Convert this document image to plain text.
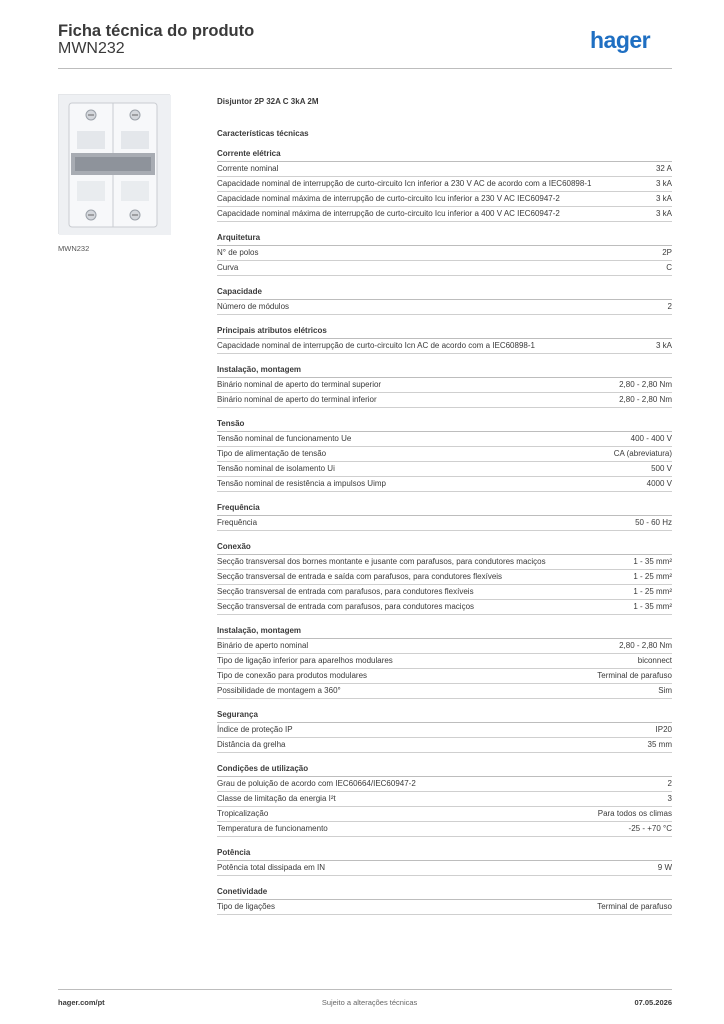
Ficha técnica do produto
MWN232	hager
MWN232
Disjuntor 2P 32A C 3kA 2M
Características técnicas
Corrente elétrica
Corrente nominal	32 A
Capacidade nominal de interrupção de curto-circuito Icn inferior a 230 V AC de acordo com a IEC60898-1	3 kA
Capacidade nominal máxima de interrupção de curto-circuito Icu inferior a 230 V AC IEC60947-2	3 kA
Capacidade nominal máxima de interrupção de curto-circuito Icu inferior a 400 V AC IEC60947-2	3 kA
Arquitetura
N° de polos	2P
Curva	C
Capacidade
Número de módulos	2
Principais atributos elétricos
Capacidade nominal de interrupção de curto-circuito Icn AC de acordo com a IEC60898-1	3 kA
Instalação, montagem
Binário nominal de aperto do terminal superior	2,80 - 2,80 Nm
Binário nominal de aperto do terminal inferior	2,80 - 2,80 Nm
Tensão
Tensão nominal de funcionamento Ue	400 - 400 V
Tipo de alimentação de tensão	CA (abreviatura)
Tensão nominal de isolamento Ui	500 V
Tensão nominal de resistência a impulsos Uimp	4000 V
Frequência
Frequência	50 - 60 Hz
Conexão
Secção transversal dos bornes montante e jusante com parafusos, para condutores maciços	1 - 35 mm²
Secção transversal de entrada e saída com parafusos, para condutores flexíveis	1 - 25 mm²
Secção transversal de entrada com parafusos, para condutores flexíveis	1 - 25 mm²
Secção transversal de entrada com parafusos, para condutores maciços	1 - 35 mm²
Instalação, montagem
Binário de aperto nominal	2,80 - 2,80 Nm
Tipo de ligação inferior para aparelhos modulares	biconnect
Tipo de conexão para produtos modulares	Terminal de parafuso
Possibilidade de montagem a 360°	Sim
Segurança
Índice de proteção IP	IP20
Distância da grelha	35 mm
Condições de utilização
Grau de poluição de acordo com IEC60664/IEC60947-2	2
Classe de limitação da energia I²t	3
Tropicalização	Para todos os climas
Temperatura de funcionamento	-25 - +70 °C
Potência
Potência total dissipada em IN	9 W
Conetividade
Tipo de ligações	Terminal de parafuso
hager.com/pt	Sujeito a alterações técnicas	07.05.2026
